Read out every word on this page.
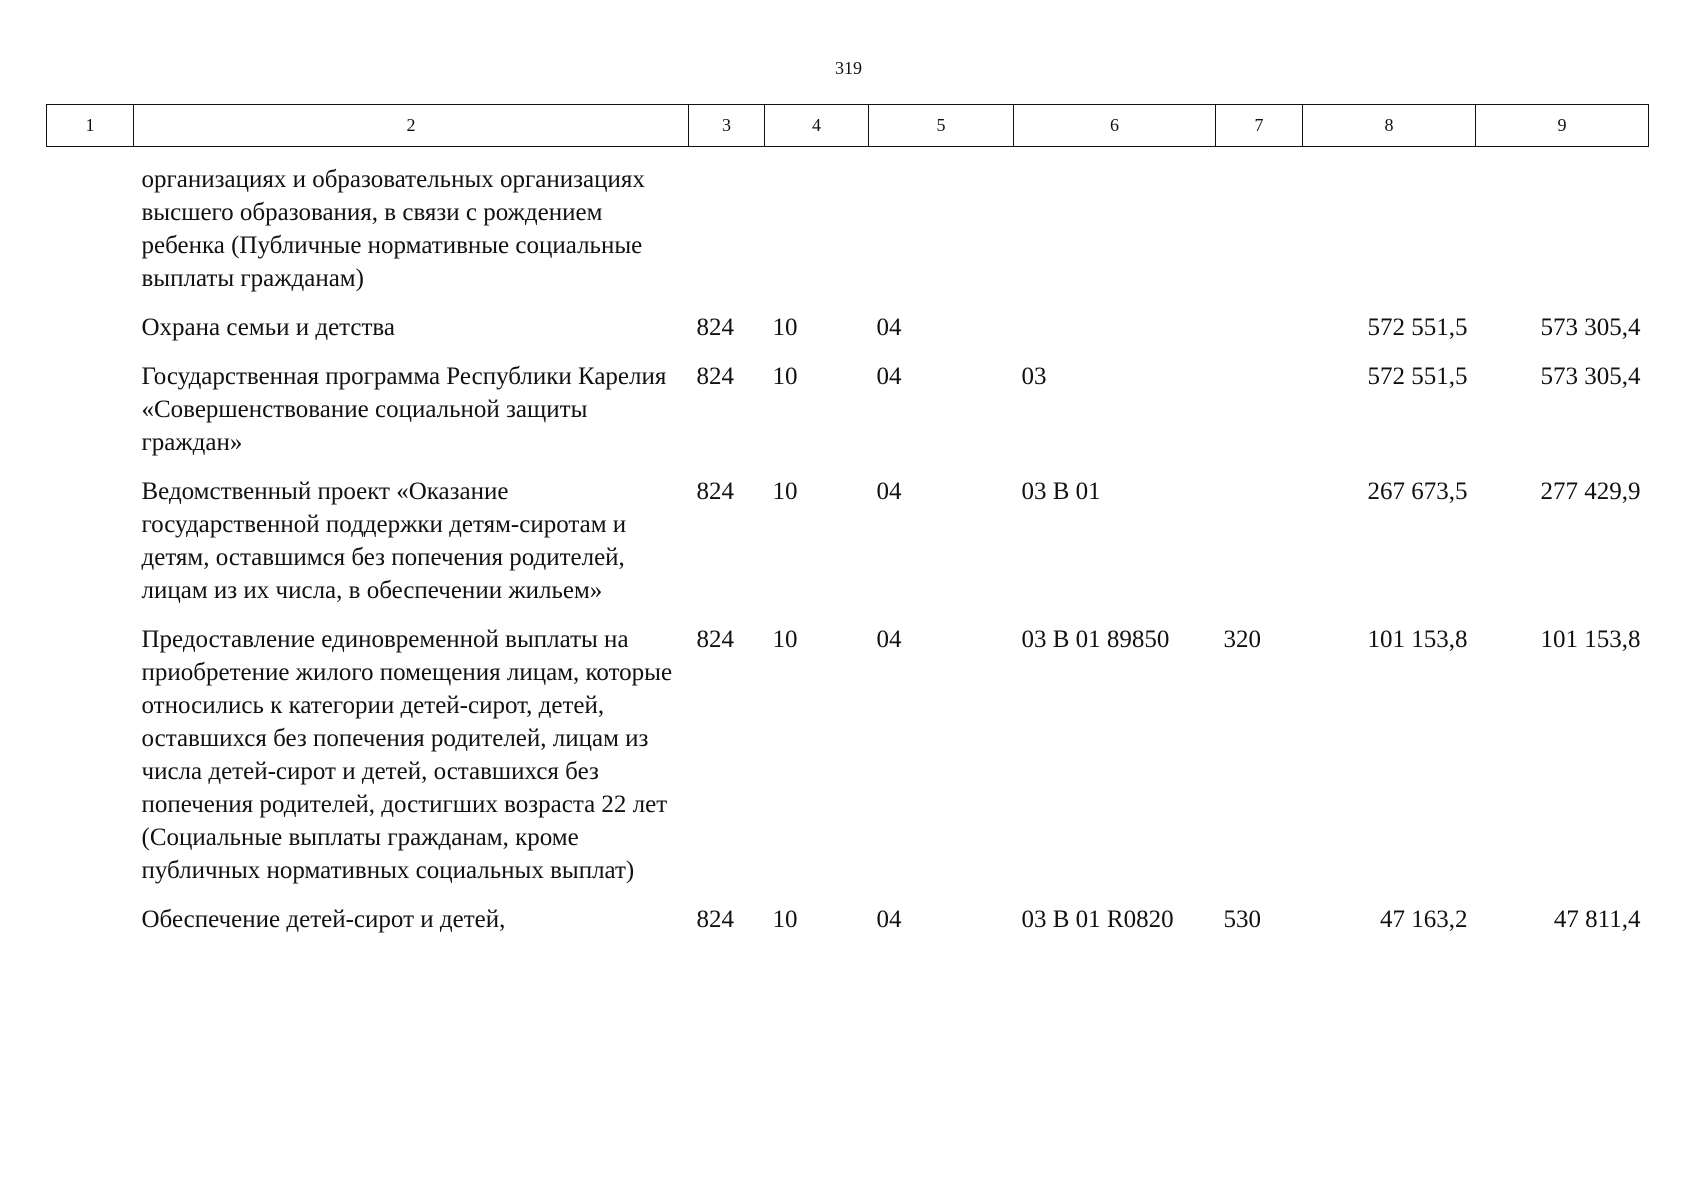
319
1	2	3	4	5	6	7	8	9
	организациях и образовательных организациях высшего образования, в связи с рождением ребенка (Публичные нормативные социальные выплаты гражданам)							
	Охрана семьи и детства	824	10	04			572 551,5	573 305,4
	Государственная программа Республики Карелия «Совершенствование социальной защиты граждан»	824	10	04	03		572 551,5	573 305,4
	Ведомственный проект «Оказание государственной поддержки детям-сиротам и детям, оставшимся без попечения родителей, лицам из их числа, в обеспечении жильем»	824	10	04	03 В 01		267 673,5	277 429,9
	Предоставление единовременной выплаты на приобретение жилого помещения лицам, которые относились к категории детей-сирот, детей, оставшихся без попечения родителей, лицам из числа детей-сирот и детей, оставшихся без попечения родителей, достигших возраста 22 лет (Социальные выплаты гражданам, кроме публичных нормативных социальных выплат)	824	10	04	03 В 01 89850	320	101 153,8	101 153,8
	Обеспечение детей-сирот и детей,	824	10	04	03 В 01 R0820	530	47 163,2	47 811,4
